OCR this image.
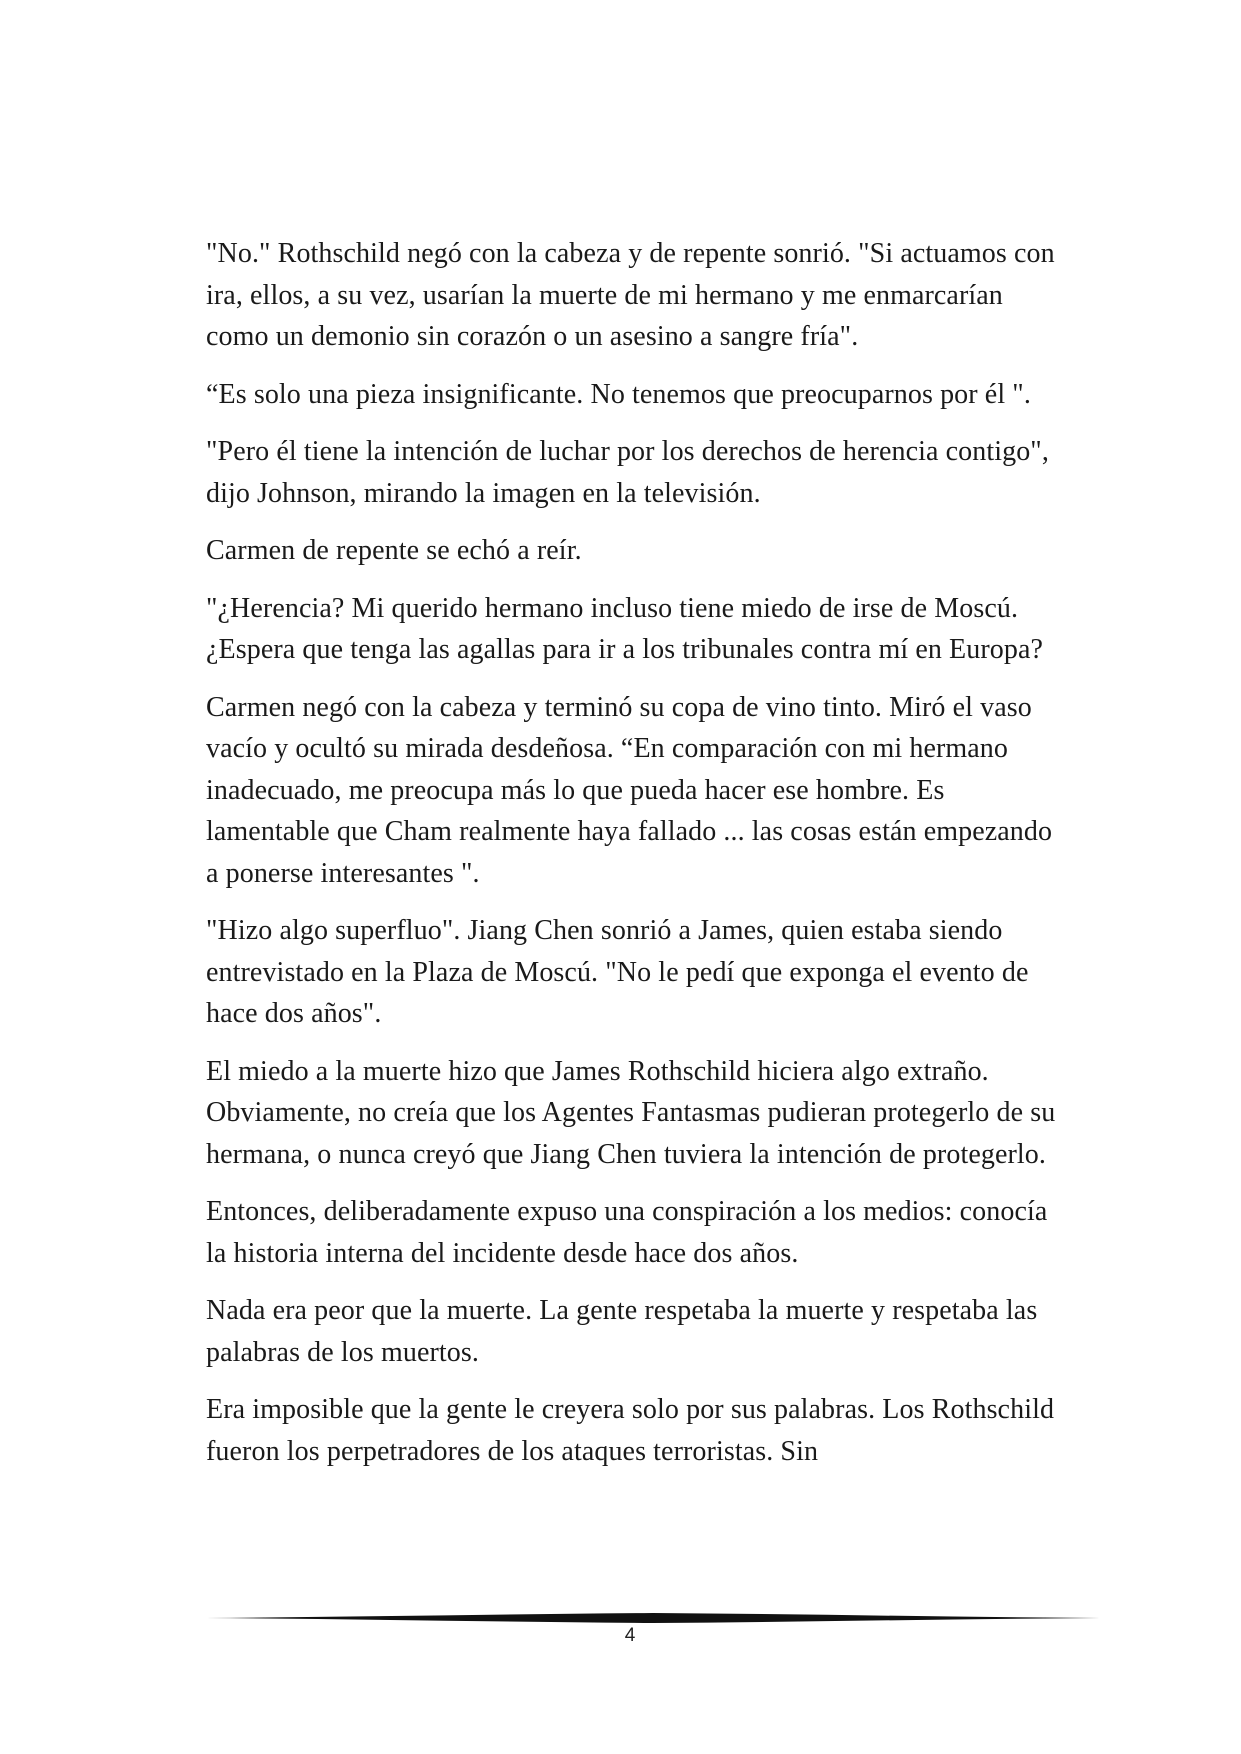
"No." Rothschild negó con la cabeza y de repente sonrió. "Si actuamos con ira, ellos, a su vez, usarían la muerte de mi hermano y me enmarcarían como un demonio sin corazón o un asesino a sangre fría".

“Es solo una pieza insignificante. No tenemos que preocuparnos por él ".

"Pero él tiene la intención de luchar por los derechos de herencia contigo", dijo Johnson, mirando la imagen en la televisión.

Carmen de repente se echó a reír.

"¿Herencia? Mi querido hermano incluso tiene miedo de irse de Moscú. ¿Espera que tenga las agallas para ir a los tribunales contra mí en Europa?

Carmen negó con la cabeza y terminó su copa de vino tinto. Miró el vaso vacío y ocultó su mirada desdeñosa. “En comparación con mi hermano inadecuado, me preocupa más lo que pueda hacer ese hombre. Es lamentable que Cham realmente haya fallado ... las cosas están empezando a ponerse interesantes ".

"Hizo algo superfluo". Jiang Chen sonrió a James, quien estaba siendo entrevistado en la Plaza de Moscú. "No le pedí que exponga el evento de hace dos años".

El miedo a la muerte hizo que James Rothschild hiciera algo extraño. Obviamente, no creía que los Agentes Fantasmas pudieran protegerlo de su hermana, o nunca creyó que Jiang Chen tuviera la intención de protegerlo.

Entonces, deliberadamente expuso una conspiración a los medios: conocía la historia interna del incidente desde hace dos años.

Nada era peor que la muerte. La gente respetaba la muerte y respetaba las palabras de los muertos.

Era imposible que la gente le creyera solo por sus palabras. Los Rothschild fueron los perpetradores de los ataques terroristas. Sin

4
